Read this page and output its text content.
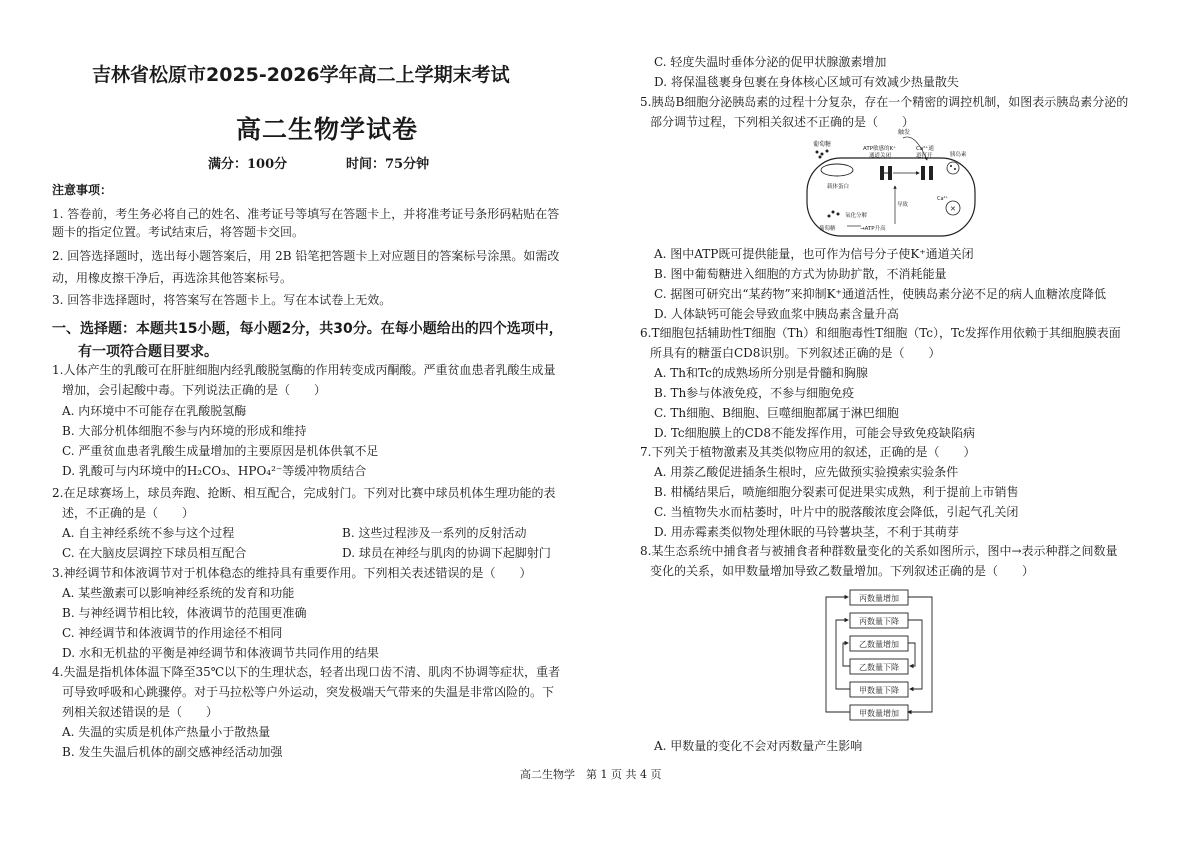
吉林省松原市2025-2026学年高二上学期末考试
高二生物学试卷
满分：100分	时间：75分钟
注意事项：
1. 答卷前，考生务必将自己的姓名、准考证号等填写在答题卡上，并将准考证号条形码粘贴在答
题卡的指定位置。考试结束后，将答题卡交回。
2. 回答选择题时，选出每小题答案后，用 2B 铅笔把答题卡上对应题目的答案标号涂黑。如需改
动，用橡皮擦干净后，再选涂其他答案标号。
3. 回答非选择题时，将答案写在答题卡上。写在本试卷上无效。
一、选择题：本题共15小题，每小题2分，共30分。在每小题给出的四个选项中，
有一项符合题目要求。
1.人体产生的乳酸可在肝脏细胞内经乳酸脱氢酶的作用转变成丙酮酸。严重贫血患者乳酸生成量
增加，会引起酸中毒。下列说法正确的是（　　）
A. 内环境中不可能存在乳酸脱氢酶
B. 大部分机体细胞不参与内环境的形成和维持
C. 严重贫血患者乳酸生成量增加的主要原因是机体供氧不足
D. 乳酸可与内环境中的H₂CO₃、HPO₄²⁻等缓冲物质结合
2.在足球赛场上，球员奔跑、抢断、相互配合，完成射门。下列对比赛中球员机体生理功能的表
述，不正确的是（　　）
A. 自主神经系统不参与这个过程	B. 这些过程涉及一系列的反射活动
C. 在大脑皮层调控下球员相互配合	D. 球员在神经与肌肉的协调下起脚射门
3.神经调节和体液调节对于机体稳态的维持具有重要作用。下列相关表述错误的是（　　）
A. 某些激素可以影响神经系统的发育和功能
B. 与神经调节相比较，体液调节的范围更准确
C. 神经调节和体液调节的作用途径不相同
D. 水和无机盐的平衡是神经调节和体液调节共同作用的结果
4.失温是指机体体温下降至35℃以下的生理状态，轻者出现口齿不清、肌肉不协调等症状，重者
可导致呼吸和心跳骤停。对于马拉松等户外运动，突发极端天气带来的失温是非常凶险的。下
列相关叙述错误的是（　　）
A. 失温的实质是机体产热量小于散热量
B. 发生失温后机体的副交感神经活动加强
C. 轻度失温时垂体分泌的促甲状腺激素增加
D. 将保温毯裹身包裹在身体核心区域可有效减少热量散失
5.胰岛B细胞分泌胰岛素的过程十分复杂，存在一个精密的调控机制，如图表示胰岛素分泌的
部分调节过程，下列相关叙述不正确的是（　　）
触发
葡萄糖
ATP敏感的K⁺
通道关闭
Ca²⁺通
道打开	胰岛素
载体蛋白
✕
Ca²⁺
导致
氧化分解
葡萄糖	→ATP升高
A. 图中ATP既可提供能量，也可作为信号分子使K⁺通道关闭
B. 图中葡萄糖进入细胞的方式为协助扩散，不消耗能量
C. 据图可研究出“某药物”来抑制K⁺通道活性，使胰岛素分泌不足的病人血糖浓度降低
D. 人体缺钙可能会导致血浆中胰岛素含量升高
6.T细胞包括辅助性T细胞（Th）和细胞毒性T细胞（Tc），Tc发挥作用依赖于其细胞膜表面
所具有的糖蛋白CD8识别。下列叙述正确的是（　　）
A. Th和Tc的成熟场所分别是骨髓和胸腺
B. Th参与体液免疫，不参与细胞免疫
C. Th细胞、B细胞、巨噬细胞都属于淋巴细胞
D. Tc细胞膜上的CD8不能发挥作用，可能会导致免疫缺陷病
7.下列关于植物激素及其类似物应用的叙述，正确的是（　　）
A. 用萘乙酸促进插条生根时，应先做预实验摸索实验条件
B. 柑橘结果后，喷施细胞分裂素可促进果实成熟，利于提前上市销售
C. 当植物失水而枯萎时，叶片中的脱落酸浓度会降低，引起气孔关闭
D. 用赤霉素类似物处理休眠的马铃薯块茎，不利于其萌芽
8.某生态系统中捕食者与被捕食者种群数量变化的关系如图所示，图中→表示种群之间数量
变化的关系，如甲数量增加导致乙数量增加。下列叙述正确的是（　　）
丙数量增加
丙数量下降
乙数量增加
乙数量下降
甲数量下降
甲数量增加
A. 甲数量的变化不会对丙数量产生影响
高二生物学　第 1 页 共 4 页
